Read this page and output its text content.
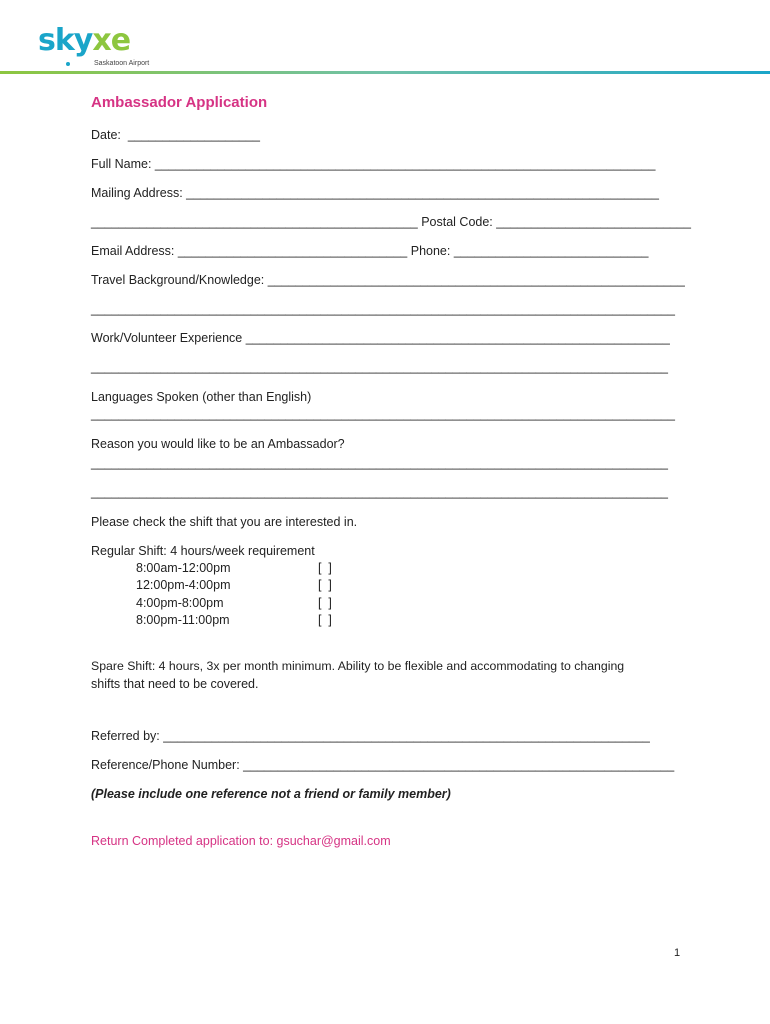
skyxe
Saskatoon Airport
Ambassador Application
Date:  ___________________
Full Name: ________________________________________________________________________
Mailing Address: ____________________________________________________________________
_______________________________________________ Postal Code: ____________________________
Email Address: _________________________________ Phone: ____________________________
Travel Background/Knowledge: ____________________________________________________________
____________________________________________________________________________________
Work/Volunteer Experience _____________________________________________________________
___________________________________________________________________________________
Languages Spoken (other than English)
____________________________________________________________________________________
Reason you would like to be an Ambassador?
___________________________________________________________________________________
___________________________________________________________________________________
Please check the shift that you are interested in.
Regular Shift: 4 hours/week requirement
8:00am-12:00pm	[  ]
12:00pm-4:00pm	[  ]
4:00pm-8:00pm	[  ]
8:00pm-11:00pm	[  ]
Spare Shift: 4 hours, 3x per month minimum. Ability to be flexible and accommodating to changing
shifts that need to be covered.
Referred by: ______________________________________________________________________
Reference/Phone Number: ______________________________________________________________
(Please include one reference not a friend or family member)
Return Completed application to: gsuchar@gmail.com
1
